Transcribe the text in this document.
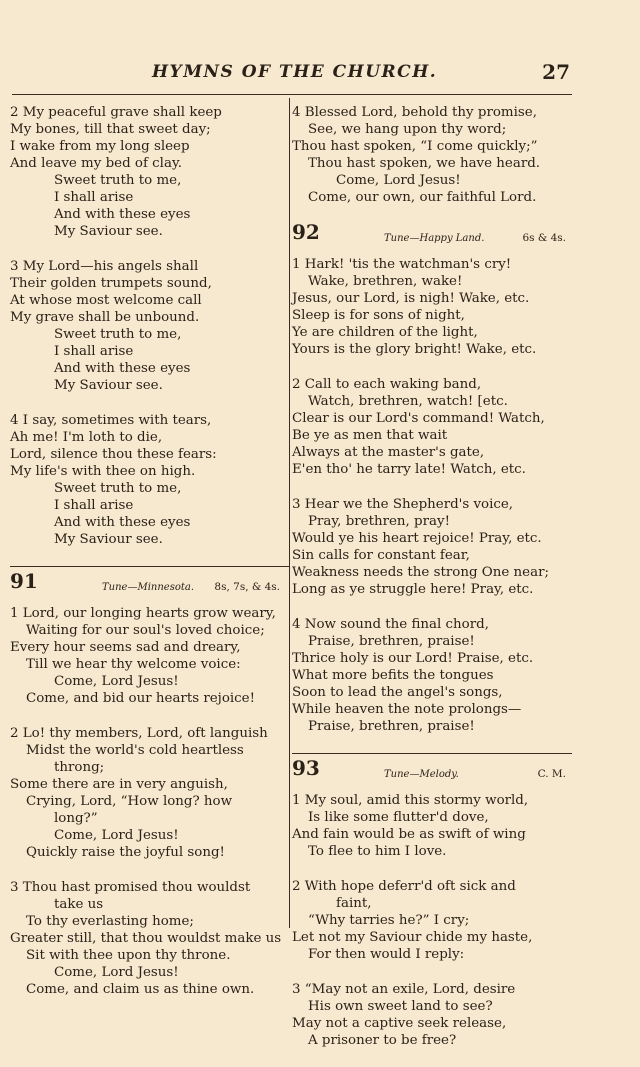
HYMNS OF THE CHURCH.	27
2 My peaceful grave shall keep
My bones, till that sweet day;
I wake from my long sleep
And leave my bed of clay.
Sweet truth to me,
I shall arise
And with these eyes
My Saviour see.
3 My Lord—his angels shall
Their golden trumpets sound,
At whose most welcome call
My grave shall be unbound.
Sweet truth to me,
I shall arise
And with these eyes
My Saviour see.
4 I say, sometimes with tears,
Ah me! I'm loth to die,
Lord, silence thou these fears:
My life's with thee on high.
Sweet truth to me,
I shall arise
And with these eyes
My Saviour see.
91	Tune—Minnesota. 8s, 7s, & 4s.
1 Lord, our longing hearts grow weary,
Waiting for our soul's loved choice;
Every hour seems sad and dreary,
Till we hear thy welcome voice:
Come, Lord Jesus!
Come, and bid our hearts rejoice!
2 Lo! thy members, Lord, oft languish
Midst the world's cold heartless
throng;
Some there are in very anguish,
Crying, Lord, “How long? how
long?”
Come, Lord Jesus!
Quickly raise the joyful song!
3 Thou hast promised thou wouldst
take us
To thy everlasting home;
Greater still, that thou wouldst make us
Sit with thee upon thy throne.
Come, Lord Jesus!
Come, and claim us as thine own.
4 Blessed Lord, behold thy promise,
See, we hang upon thy word;
Thou hast spoken, “I come quickly;”
Thou hast spoken, we have heard.
Come, Lord Jesus!
Come, our own, our faithful Lord.
92	Tune—Happy Land.	6s & 4s.
1 Hark! 'tis the watchman's cry!
Wake, brethren, wake!
Jesus, our Lord, is nigh! Wake, etc.
Sleep is for sons of night,
Ye are children of the light,
Yours is the glory bright! Wake, etc.
2 Call to each waking band,
Watch, brethren, watch! [etc.
Clear is our Lord's command! Watch,
Be ye as men that wait
Always at the master's gate,
E'en tho' he tarry late! Watch, etc.
3 Hear we the Shepherd's voice,
Pray, brethren, pray!
Would ye his heart rejoice! Pray, etc.
Sin calls for constant fear,
Weakness needs the strong One near;
Long as ye struggle here! Pray, etc.
4 Now sound the final chord,
Praise, brethren, praise!
Thrice holy is our Lord! Praise, etc.
What more befits the tongues
Soon to lead the angel's songs,
While heaven the note prolongs—
Praise, brethren, praise!
93	Tune—Melody.	C. M.
1 My soul, amid this stormy world,
Is like some flutter'd dove,
And fain would be as swift of wing
To flee to him I love.
2 With hope deferr'd oft sick and
faint,
“Why tarries he?” I cry;
Let not my Saviour chide my haste,
For then would I reply:
3 “May not an exile, Lord, desire
His own sweet land to see?
May not a captive seek release,
A prisoner to be free?
